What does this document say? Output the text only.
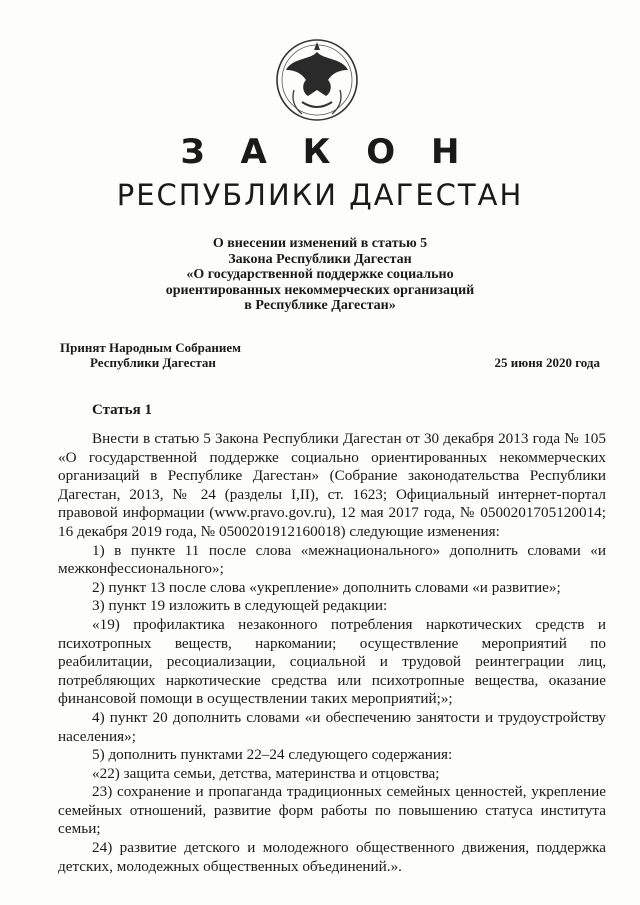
З А К О Н
РЕСПУБЛИКИ ДАГЕСТАН
О внесении изменений в статью 5
Закона Республики Дагестан
«О государственной поддержке социально
ориентированных некоммерческих организаций
в Республике Дагестан»
Принят Народным Собранием
Республики Дагестан	25 июня 2020 года
Статья 1

Внести в статью 5 Закона Республики Дагестан от 30 декабря 2013 года № 105 «О государственной поддержке социально ориентированных некоммерческих организаций в Республике Дагестан» (Собрание законодательства Республики Дагестан, 2013, № 24 (разделы I,II), ст. 1623; Официальный интернет-портал правовой информации (www.pravo.gov.ru), 12 мая 2017 года, № 0500201705120014; 16 декабря 2019 года, № 0500201912160018) следующие изменения:

1) в пункте 11 после слова «межнационального» дополнить словами «и межконфессионального»;

2) пункт 13 после слова «укрепление» дополнить словами «и развитие»;

3) пункт 19 изложить в следующей редакции:

«19) профилактика незаконного потребления наркотических средств и психотропных веществ, наркомании; осуществление мероприятий по реабилитации, ресоциализации, социальной и трудовой реинтеграции лиц, потребляющих наркотические средства или психотропные вещества, оказание финансовой помощи в осуществлении таких мероприятий;»;

4) пункт 20 дополнить словами «и обеспечению занятости и трудоустройству населения»;

5) дополнить пунктами 22–24 следующего содержания:

«22) защита семьи, детства, материнства и отцовства;

23) сохранение и пропаганда традиционных семейных ценностей, укрепление семейных отношений, развитие форм работы по повышению статуса института семьи;

24) развитие детского и молодежного общественного движения, поддержка детских, молодежных общественных объединений.».
